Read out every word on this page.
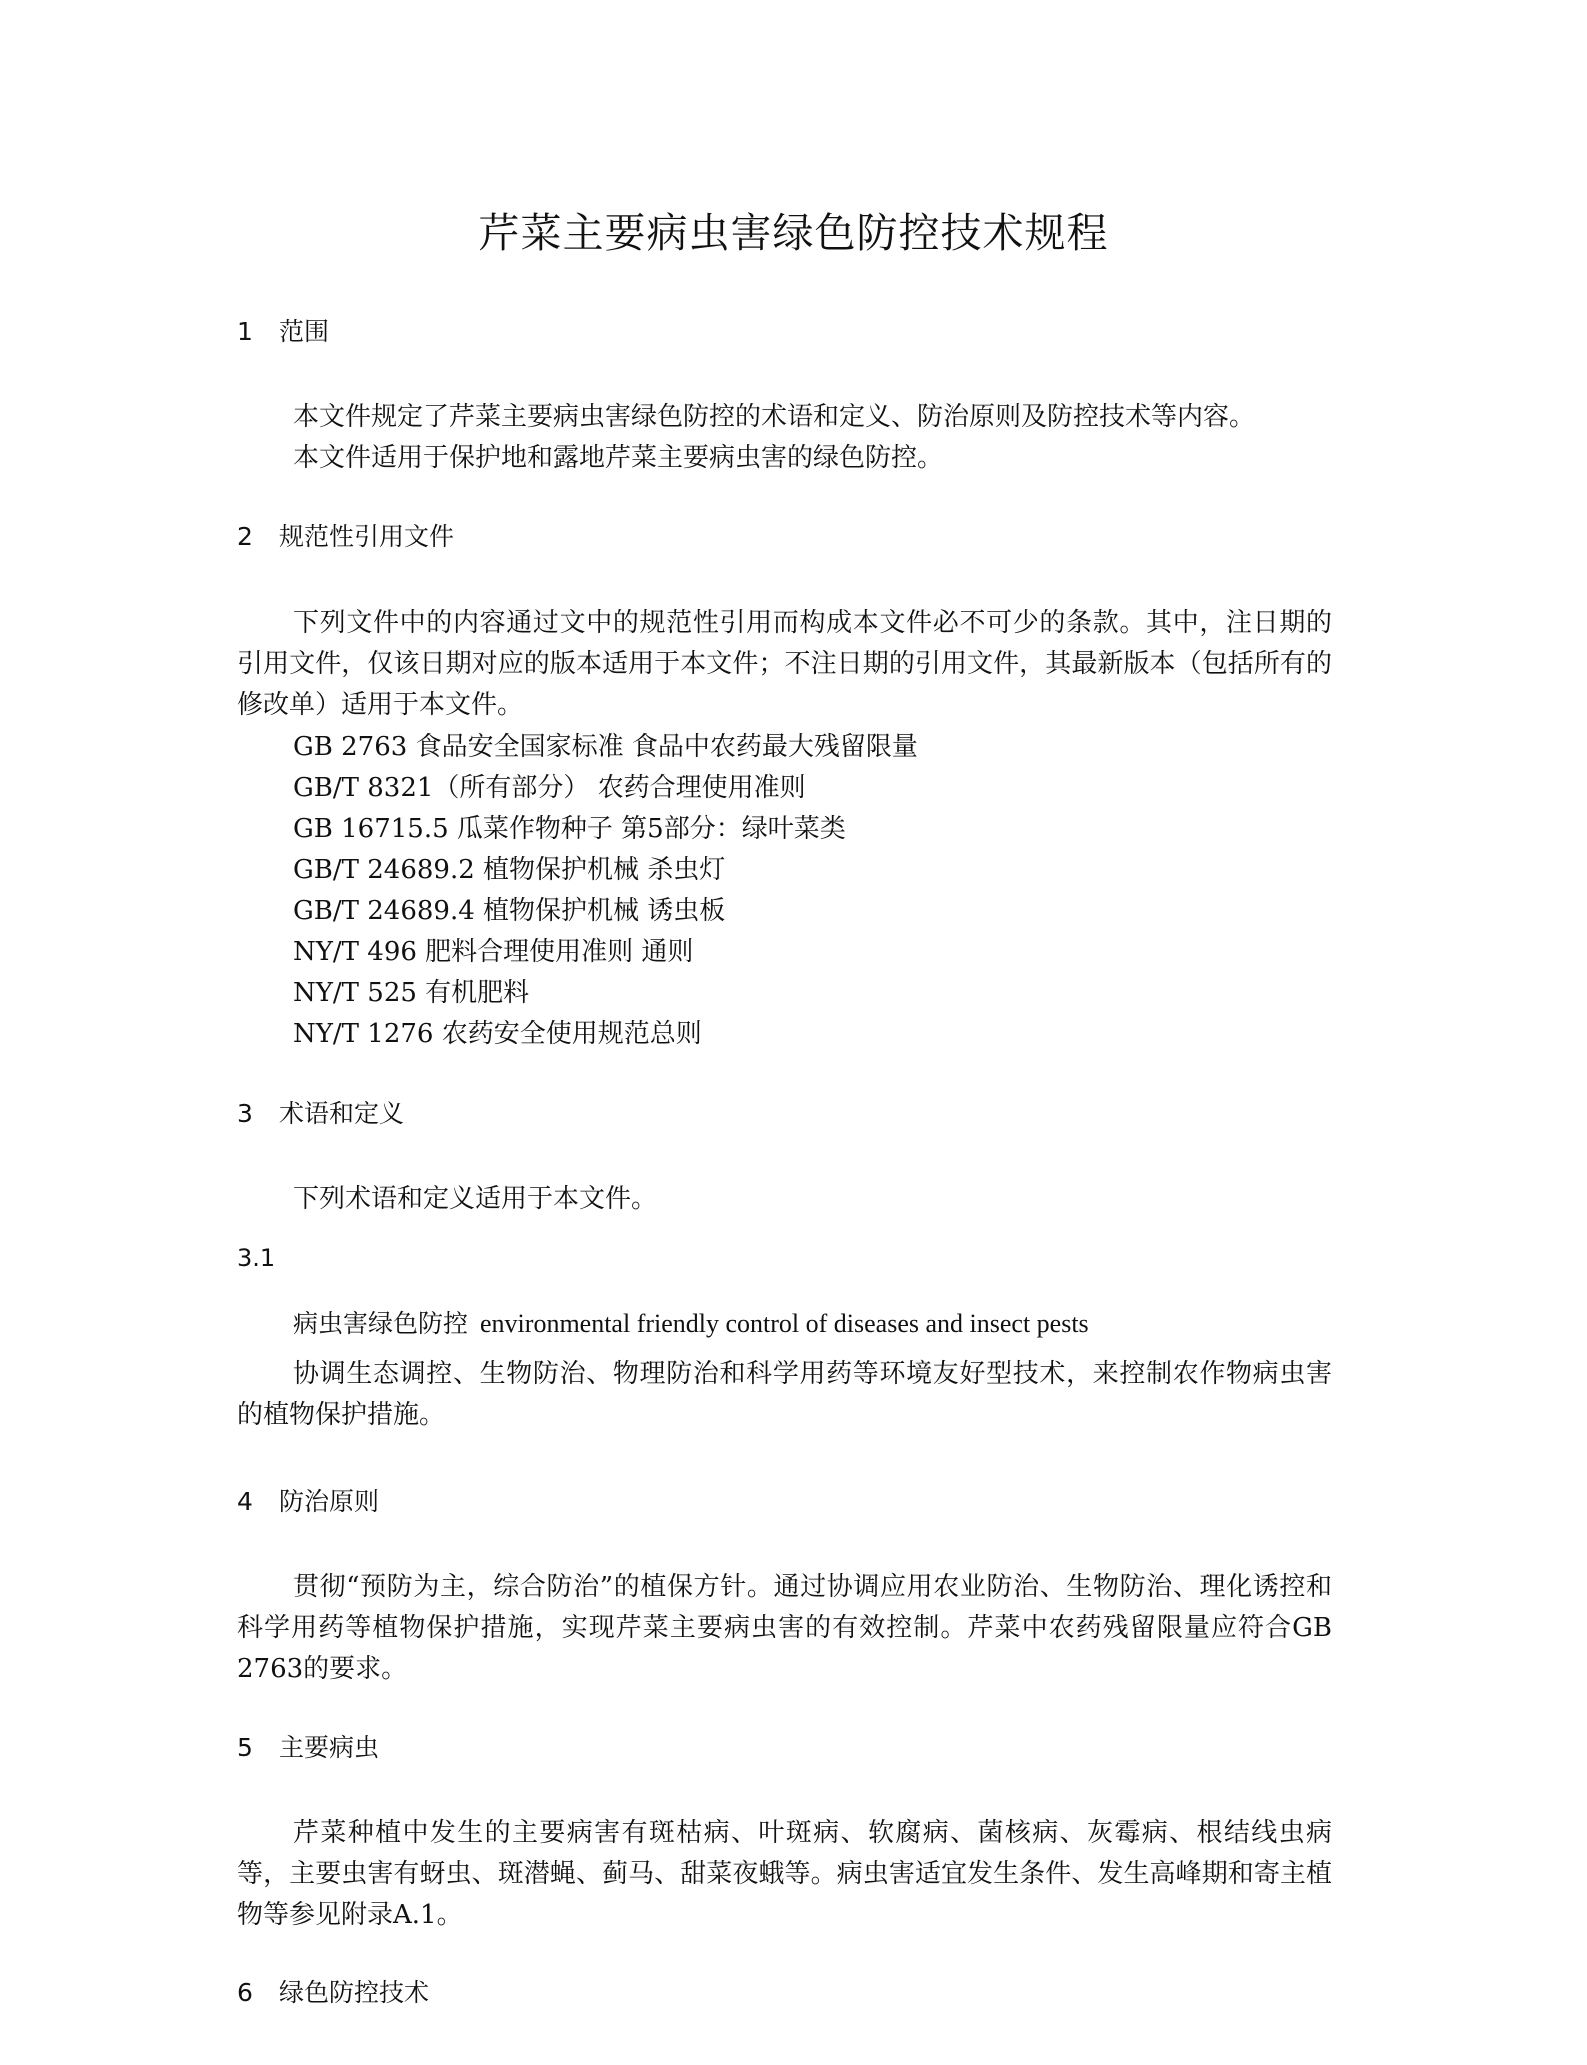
芹菜主要病虫害绿色防控技术规程
1 范围

本文件规定了芹菜主要病虫害绿色防控的术语和定义、防治原则及防控技术等内容。

本文件适用于保护地和露地芹菜主要病虫害的绿色防控。

2 规范性引用文件

下列文件中的内容通过文中的规范性引用而构成本文件必不可少的条款。其中，注日期的引用文件，仅该日期对应的版本适用于本文件；不注日期的引用文件，其最新版本（包括所有的修改单）适用于本文件。

GB 2763 食品安全国家标准 食品中农药最大残留限量

GB/T 8321（所有部分） 农药合理使用准则

GB 16715.5 瓜菜作物种子 第5部分：绿叶菜类

GB/T 24689.2 植物保护机械 杀虫灯

GB/T 24689.4 植物保护机械 诱虫板

NY/T 496 肥料合理使用准则 通则

NY/T 525 有机肥料

NY/T 1276 农药安全使用规范总则

3 术语和定义

下列术语和定义适用于本文件。

3.1
病虫害绿色防控 environmental friendly control of diseases and insect pests

协调生态调控、生物防治、物理防治和科学用药等环境友好型技术，来控制农作物病虫害的植物保护措施。

4 防治原则

贯彻“预防为主，综合防治”的植保方针。通过协调应用农业防治、生物防治、理化诱控和科学用药等植物保护措施，实现芹菜主要病虫害的有效控制。芹菜中农药残留限量应符合GB 2763的要求。

5 主要病虫

芹菜种植中发生的主要病害有斑枯病、叶斑病、软腐病、菌核病、灰霉病、根结线虫病等，主要虫害有蚜虫、斑潜蝇、蓟马、甜菜夜蛾等。病虫害适宜发生条件、发生高峰期和寄主植物等参见附录A.1。

6 绿色防控技术
